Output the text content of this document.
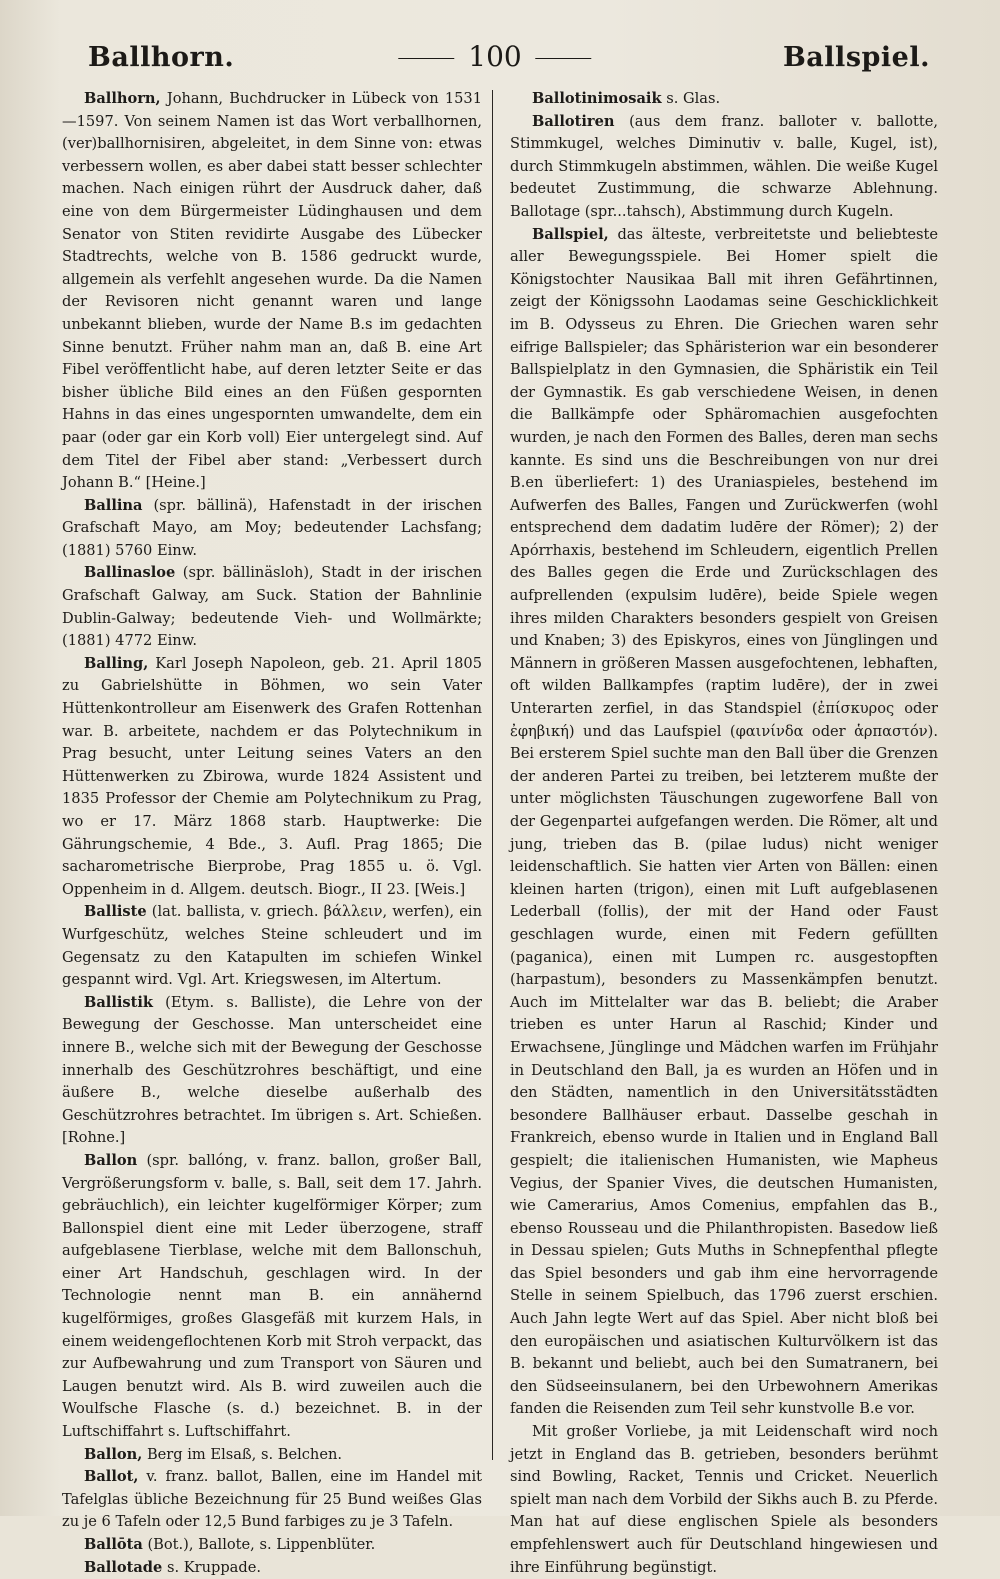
Ballhorn.	100	Ballspiel.

Ballhorn, Johann, Buchdrucker in Lübeck von 1531—1597. Von seinem Namen ist das Wort verballhornen, (ver)ballhornisiren, abgeleitet, in dem Sinne von: etwas verbessern wollen, es aber dabei statt besser schlechter machen. Nach einigen rührt der Ausdruck daher, daß eine von dem Bürgermeister Lüdinghausen und dem Senator von Stiten revidirte Ausgabe des Lübecker Stadtrechts, welche von B. 1586 gedruckt wurde, allgemein als verfehlt angesehen wurde. Da die Namen der Revisoren nicht genannt waren und lange unbekannt blieben, wurde der Name B.s im gedachten Sinne benutzt. Früher nahm man an, daß B. eine Art Fibel veröffentlicht habe, auf deren letzter Seite er das bisher übliche Bild eines an den Füßen gespornten Hahns in das eines ungespornten umwandelte, dem ein paar (oder gar ein Korb voll) Eier untergelegt sind. Auf dem Titel der Fibel aber stand: „Verbessert durch Johann B.“ [Heine.]

Ballina (spr. bällinä), Hafenstadt in der irischen Grafschaft Mayo, am Moy; bedeutender Lachsfang; (1881) 5760 Einw.

Ballinasloe (spr. bällinäsloh), Stadt in der irischen Grafschaft Galway, am Suck. Station der Bahnlinie Dublin-Galway; bedeutende Vieh- und Wollmärkte; (1881) 4772 Einw.

Balling, Karl Joseph Napoleon, geb. 21. April 1805 zu Gabrielshütte in Böhmen, wo sein Vater Hüttenkontrolleur am Eisenwerk des Grafen Rottenhan war. B. arbeitete, nachdem er das Polytechnikum in Prag besucht, unter Leitung seines Vaters an den Hüttenwerken zu Zbirowa, wurde 1824 Assistent und 1835 Professor der Chemie am Polytechnikum zu Prag, wo er 17. März 1868 starb. Hauptwerke: Die Gährungschemie, 4 Bde., 3. Aufl. Prag 1865; Die sacharometrische Bierprobe, Prag 1855 u. ö. Vgl. Oppenheim in d. Allgem. deutsch. Biogr., II 23. [Weis.]

Balliste (lat. ballista, v. griech. βάλλειν, werfen), ein Wurfgeschütz, welches Steine schleudert und im Gegensatz zu den Katapulten im schiefen Winkel gespannt wird. Vgl. Art. Kriegswesen, im Altertum.

Ballistik (Etym. s. Balliste), die Lehre von der Bewegung der Geschosse. Man unterscheidet eine innere B., welche sich mit der Bewegung der Geschosse innerhalb des Geschützrohres beschäftigt, und eine äußere B., welche dieselbe außerhalb des Geschützrohres betrachtet. Im übrigen s. Art. Schießen. [Rohne.]

Ballon (spr. ballóng, v. franz. ballon, großer Ball, Vergrößerungsform v. balle, s. Ball, seit dem 17. Jahrh. gebräuchlich), ein leichter kugelförmiger Körper; zum Ballonspiel dient eine mit Leder überzogene, straff aufgeblasene Tierblase, welche mit dem Ballonschuh, einer Art Handschuh, geschlagen wird. In der Technologie nennt man B. ein annähernd kugelförmiges, großes Glasgefäß mit kurzem Hals, in einem weidengeflochtenen Korb mit Stroh verpackt, das zur Aufbewahrung und zum Transport von Säuren und Laugen benutzt wird. Als B. wird zuweilen auch die Woulfsche Flasche (s. d.) bezeichnet. B. in der Luftschiffahrt s. Luftschiffahrt.

Ballon, Berg im Elsaß, s. Belchen.

Ballot, v. franz. ballot, Ballen, eine im Handel mit Tafelglas übliche Bezeichnung für 25 Bund weißes Glas zu je 6 Tafeln oder 12,5 Bund farbiges zu je 3 Tafeln.

Ballōta (Bot.), Ballote, s. Lippenblüter.

Ballotade s. Kruppade.

Ballotinimosaik s. Glas.

Ballotiren (aus dem franz. balloter v. ballotte, Stimmkugel, welches Diminutiv v. balle, Kugel, ist), durch Stimmkugeln abstimmen, wählen. Die weiße Kugel bedeutet Zustimmung, die schwarze Ablehnung. Ballotage (spr...tahsch), Abstimmung durch Kugeln.

Ballspiel, das älteste, verbreitetste und beliebteste aller Bewegungsspiele. Bei Homer spielt die Königstochter Nausikaa Ball mit ihren Gefährtinnen, zeigt der Königssohn Laodamas seine Geschicklichkeit im B. Odysseus zu Ehren. Die Griechen waren sehr eifrige Ballspieler; das Sphäristerion war ein besonderer Ballspielplatz in den Gymnasien, die Sphäristik ein Teil der Gymnastik. Es gab verschiedene Weisen, in denen die Ballkämpfe oder Sphäromachien ausgefochten wurden, je nach den Formen des Balles, deren man sechs kannte. Es sind uns die Beschreibungen von nur drei B.en überliefert: 1) des Uraniaspieles, bestehend im Aufwerfen des Balles, Fangen und Zurückwerfen (wohl entsprechend dem dadatim ludēre der Römer); 2) der Apórrhaxis, bestehend im Schleudern, eigentlich Prellen des Balles gegen die Erde und Zurückschlagen des aufprellenden (expulsim ludēre), beide Spiele wegen ihres milden Charakters besonders gespielt von Greisen und Knaben; 3) des Episkyros, eines von Jünglingen und Männern in größeren Massen ausgefochtenen, lebhaften, oft wilden Ballkampfes (raptim ludēre), der in zwei Unterarten zerfiel, in das Standspiel (ἐπίσκυρος oder ἐφηβική) und das Laufspiel (φαινίνδα oder ἁρπαστόν). Bei ersterem Spiel suchte man den Ball über die Grenzen der anderen Partei zu treiben, bei letzterem mußte der unter möglichsten Täuschungen zugeworfene Ball von der Gegenpartei aufgefangen werden. Die Römer, alt und jung, trieben das B. (pilae ludus) nicht weniger leidenschaftlich. Sie hatten vier Arten von Bällen: einen kleinen harten (trigon), einen mit Luft aufgeblasenen Lederball (follis), der mit der Hand oder Faust geschlagen wurde, einen mit Federn gefüllten (paganica), einen mit Lumpen rc. ausgestopften (harpastum), besonders zu Massenkämpfen benutzt. Auch im Mittelalter war das B. beliebt; die Araber trieben es unter Harun al Raschid; Kinder und Erwachsene, Jünglinge und Mädchen warfen im Frühjahr in Deutschland den Ball, ja es wurden an Höfen und in den Städten, namentlich in den Universitätsstädten besondere Ballhäuser erbaut. Dasselbe geschah in Frankreich, ebenso wurde in Italien und in England Ball gespielt; die italienischen Humanisten, wie Mapheus Vegius, der Spanier Vives, die deutschen Humanisten, wie Camerarius, Amos Comenius, empfahlen das B., ebenso Rousseau und die Philanthropisten. Basedow ließ in Dessau spielen; Guts Muths in Schnepfenthal pflegte das Spiel besonders und gab ihm eine hervorragende Stelle in seinem Spielbuch, das 1796 zuerst erschien. Auch Jahn legte Wert auf das Spiel. Aber nicht bloß bei den europäischen und asiatischen Kulturvölkern ist das B. bekannt und beliebt, auch bei den Sumatranern, bei den Südseeinsulanern, bei den Urbewohnern Amerikas fanden die Reisenden zum Teil sehr kunstvolle B.e vor.

Mit großer Vorliebe, ja mit Leidenschaft wird noch jetzt in England das B. getrieben, besonders berühmt sind Bowling, Racket, Tennis und Cricket. Neuerlich spielt man nach dem Vorbild der Sikhs auch B. zu Pferde. Man hat auf diese englischen Spiele als besonders empfehlenswert auch für Deutschland hingewiesen und ihre Einführung begünstigt.
